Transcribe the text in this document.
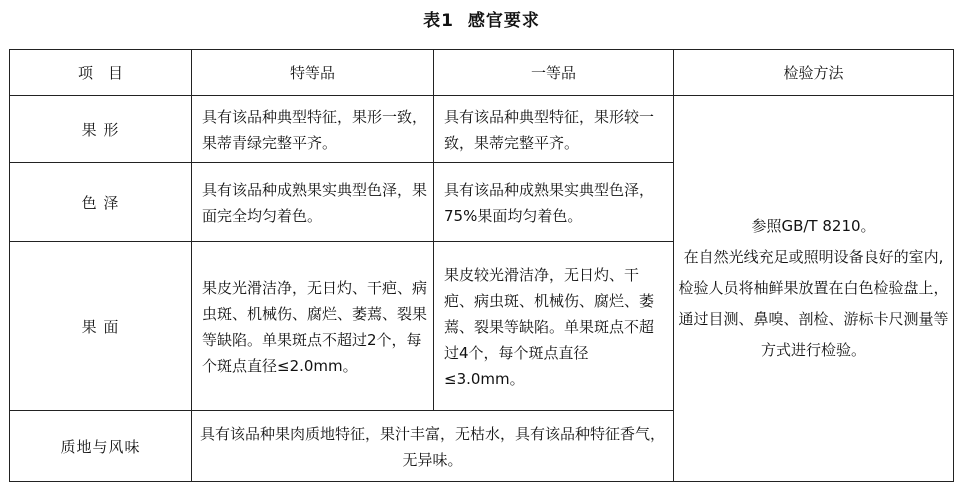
表1 感官要求
项　目	特等品	一等品	检验方法
果 形	具有该品种典型特征，果形一致，果蒂青绿完整平齐。	具有该品种典型特征，果形较一致，果蒂完整平齐。	参照GB/T 8210。
在自然光线充足或照明设备良好的室内,检验人员将柚鲜果放置在白色检验盘上，通过目测、鼻嗅、剖检、游标卡尺测量等方式进行检验。

色 泽	具有该品种成熟果实典型色泽，果面完全均匀着色。	具有该品种成熟果实典型色泽，75%果面均匀着色。	
果 面	果皮光滑洁净，无日灼、干疤、病虫斑、机械伤、腐烂、萎蔫、裂果等缺陷。单果斑点不超过2个，每个斑点直径≤2.0mm。	果皮较光滑洁净，无日灼、干疤、病虫斑、机械伤、腐烂、萎蔫、裂果等缺陷。单果斑点不超过4个，每个斑点直径≤3.0mm。	
质地与风味	具有该品种果肉质地特征，果汁丰富，无枯水，具有该品种特征香气，无异味。		
